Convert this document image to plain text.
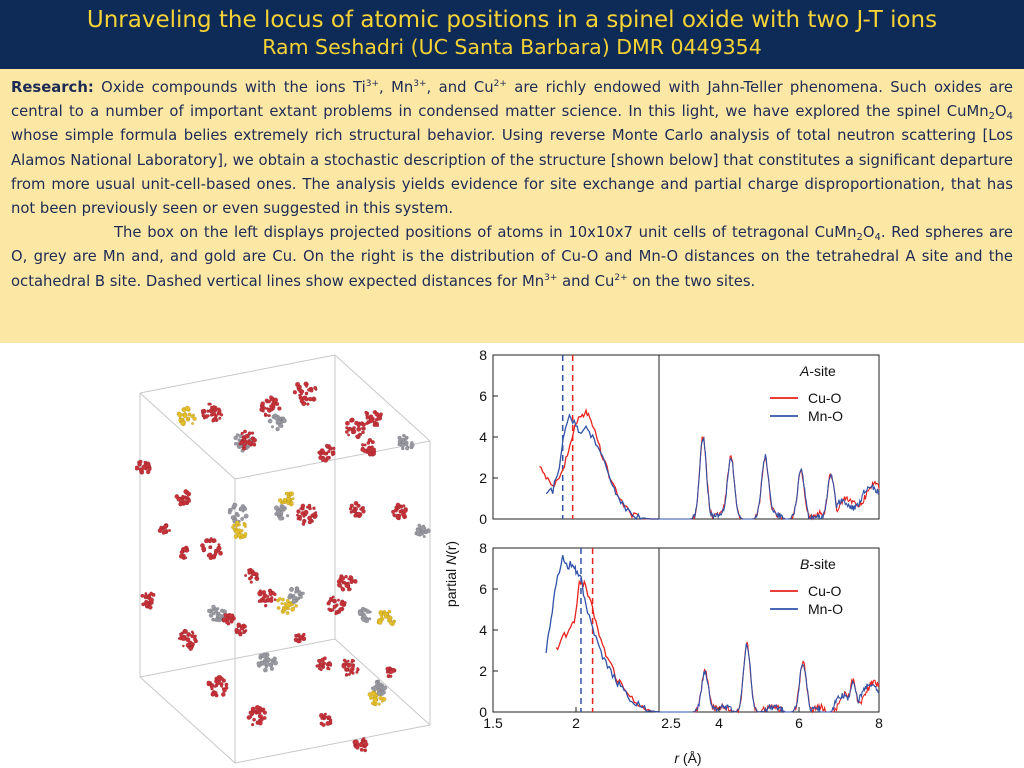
Unraveling the locus of atomic positions in a spinel oxide with two J-T ions
Ram Seshadri (UC Santa Barbara) DMR 0449354

Research: Oxide compounds with the ions $Ti^{3+}$, $Mn^{3+}$, and $Cu^{2+}$ are richly endowed with Jahn-Teller phenomena. Such oxides are central to a number of important extant problems in condensed matter science. In this light, we have explored the spinel $CuMn_2O_4$ whose simple formula belies extremely rich structural behavior. Using reverse Monte Carlo analysis of total neutron scattering [Los Alamos National Laboratory], we obtain a stochastic description of the structure [shown below] that constitutes a significant departure from more usual unit-cell-based ones. The analysis yields evidence for site exchange and partial charge disproportionation, that has not been previously seen or even suggested in this system.
The box on the left displays projected positions of atoms in 10x10x7 unit cells of tetragonal $CuMn_2O_4$. Red spheres are O, grey are Mn and, and gold are Cu. On the right is the distribution of Cu-O and Mn-O distances on the tetrahedral A site and the octahedral B site. Dashed vertical lines show expected distances for $Mn^{3+}$ and $Cu^{2+}$ on the two sites.

0
2
4
6
8
A-site
Cu-O
Mn-O
0
2
4
6
8
B-site
Cu-O
Mn-O
1.5	2	2.5 4	6	8
partial N(r)
r (Å)
